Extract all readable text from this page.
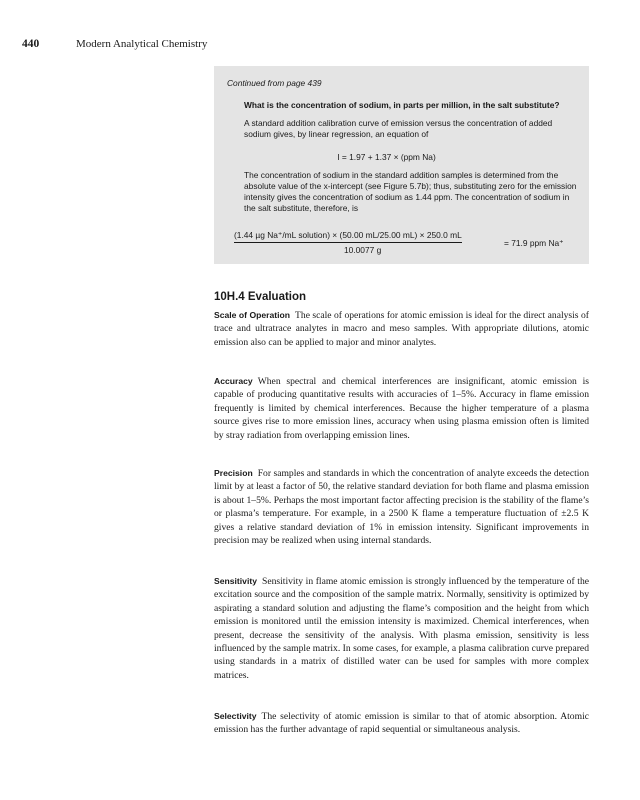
440	Modern Analytical Chemistry
Continued from page 439
What is the concentration of sodium, in parts per million, in the salt substitute?
A standard addition calibration curve of emission versus the concentration of added sodium gives, by linear regression, an equation of
I = 1.97 + 1.37 × (ppm Na)
The concentration of sodium in the standard addition samples is determined from the absolute value of the x-intercept (see Figure 5.7b); thus, substituting zero for the emission intensity gives the concentration of sodium as 1.44 ppm. The concentration of sodium in the salt substitute, therefore, is
(1.44 µg Na⁺/mL solution) × (50.00 mL/25.00 mL) × 250.0 mL
10.0077 g
= 71.9 ppm Na⁺
10H.4 Evaluation

Scale of Operation The scale of operations for atomic emission is ideal for the direct analysis of trace and ultratrace analytes in macro and meso samples. With appropriate dilutions, atomic emission also can be applied to major and minor analytes.

Accuracy When spectral and chemical interferences are insignificant, atomic emission is capable of producing quantitative results with accuracies of 1–5%. Accuracy in flame emission frequently is limited by chemical interferences. Because the higher temperature of a plasma source gives rise to more emission lines, accuracy when using plasma emission often is limited by stray radiation from overlapping emission lines.

Precision For samples and standards in which the concentration of analyte exceeds the detection limit by at least a factor of 50, the relative standard deviation for both flame and plasma emission is about 1–5%. Perhaps the most important factor affecting precision is the stability of the flame’s or plasma’s temperature. For example, in a 2500 K flame a temperature fluctuation of ±2.5 K gives a relative standard deviation of 1% in emission intensity. Significant improvements in precision may be realized when using internal standards.

Sensitivity Sensitivity in flame atomic emission is strongly influenced by the temperature of the excitation source and the composition of the sample matrix. Normally, sensitivity is optimized by aspirating a standard solution and adjusting the flame’s composition and the height from which emission is monitored until the emission intensity is maximized. Chemical interferences, when present, decrease the sensitivity of the analysis. With plasma emission, sensitivity is less influenced by the sample matrix. In some cases, for example, a plasma calibration curve prepared using standards in a matrix of distilled water can be used for samples with more complex matrices.

Selectivity The selectivity of atomic emission is similar to that of atomic absorption. Atomic emission has the further advantage of rapid sequential or simultaneous analysis.
